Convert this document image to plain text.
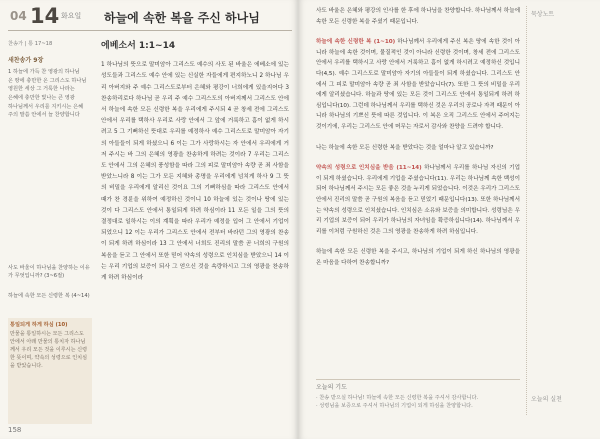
04 14 화요일 하늘에 속한 복을 주신 하나님

찬송가 | 통 17~18

새찬송가 9장

1 하늘에 가득 찬 영광의 하나님

온 땅에 충만한 온 그리스도 하나님

영원한 세상 그 거룩한 나라는

은혜에 충만한 빛나는 큰 영광

하나님께서 우리를 지키시는 은혜

주의 말씀 안에서 늘 찬양합니다

사도 바울이 하나님을 찬양하는 이유가 무엇입니까? (3~6절)
하늘에 속한 모든 신령한 복 (4~14)
통일되게 하게 하심 (10)
만물을 통일하시는 모든 그리스도 안에서 아래 만물의 통치자 하나님께서 우리 모든 것을 이루시는 신령한 뜻이며, 약속의 성령으로 인치심을 받았습니다.
158
에베소서 1:1~14

1 하나님의 뜻으로 말미암아 그리스도 예수의 사도 된 바울은 에베소에 있는 성도들과 그리스도 예수 안에 있는 신실한 자들에게 편지하노니 2 하나님 우리 아버지와 주 예수 그리스도로부터 은혜와 평강이 너희에게 있을지어다 3 찬송하리로다 하나님 곧 우리 주 예수 그리스도의 아버지께서 그리스도 안에서 하늘에 속한 모든 신령한 복을 우리에게 주시되 4 곧 창세 전에 그리스도 안에서 우리를 택하사 우리로 사랑 안에서 그 앞에 거룩하고 흠이 없게 하시려고 5 그 기뻐하신 뜻대로 우리를 예정하사 예수 그리스도로 말미암아 자기의 아들들이 되게 하셨으니 6 이는 그가 사랑하시는 자 안에서 우리에게 거저 주시는 바 그의 은혜의 영광을 찬송하게 하려는 것이라 7 우리는 그리스도 안에서 그의 은혜의 풍성함을 따라 그의 피로 말미암아 속량 곧 죄 사함을 받았느니라 8 이는 그가 모든 지혜와 총명을 우리에게 넘치게 하사 9 그 뜻의 비밀을 우리에게 알리신 것이요 그의 기뻐하심을 따라 그리스도 안에서 때가 찬 경륜을 위하여 예정하신 것이니 10 하늘에 있는 것이나 땅에 있는 것이 다 그리스도 안에서 통일되게 하려 하심이라 11 모든 일을 그의 뜻의 결정대로 일하시는 이의 계획을 따라 우리가 예정을 입어 그 안에서 기업이 되었으니 12 이는 우리가 그리스도 안에서 전부터 바라던 그의 영광의 찬송이 되게 하려 하심이라 13 그 안에서 너희도 진리의 말씀 곧 너희의 구원의 복음을 듣고 그 안에서 또한 믿어 약속의 성령으로 인치심을 받았으니 14 이는 우리 기업의 보증이 되사 그 얻으신 것을 속량하시고 그의 영광을 찬송하게 하려 하심이라

사도 바울은 은혜와 평강의 인사를 한 후에 하나님을 찬양합니다. 하나님께서 하늘에 속한 모든 신령한 복을 주셨기 때문입니다.

하늘에 속한 신령한 복 (1~10) 하나님께서 우리에게 주신 복은 땅에 속한 것이 아니라 하늘에 속한 것이며, 물질적인 것이 아니라 신령한 것이며, 창세 전에 그리스도 안에서 우리를 택하시고 사랑 안에서 거룩하고 흠이 없게 하시려고 예정하신 것입니다(4,5). 예수 그리스도로 말미암아 자기의 아들들이 되게 하셨습니다. 그리스도 안에서 그 피로 말미암아 속량 곧 죄 사함을 받았습니다(7). 또한 그 뜻의 비밀을 우리에게 알리셨습니다. 하늘과 땅에 있는 모든 것이 그리스도 안에서 통일되게 하려 하심입니다(10). 그런데 하나님께서 우리를 택하신 것은 우리의 공로나 자격 때문이 아니라 하나님의 기쁘신 뜻에 따른 것입니다. 이 복은 오직 그리스도 안에서 주어지는 것이기에, 우리는 그리스도 안에 머무는 자로서 감사와 찬양을 드려야 합니다.

나는 하늘에 속한 모든 신령한 복을 받았다는 것을 얼마나 알고 있습니까?

약속의 성령으로 인치심을 받음 (11~14) 하나님께서 우리를 하나님 자신의 기업이 되게 하셨습니다. 우리에게 기업을 주셨습니다(11). 우리는 하나님께 속한 백성이 되어 하나님께서 주시는 모든 좋은 것을 누리게 되었습니다. 이것은 우리가 그리스도 안에서 진리의 말씀 곧 구원의 복음을 듣고 믿었기 때문입니다(13). 또한 하나님께서는 약속의 성령으로 인치셨습니다. 인치심은 소유와 보증을 의미합니다. 성령님은 우리 기업의 보증이 되어 우리가 하나님의 자녀임을 확증하십니다(14). 하나님께서 우리를 이처럼 구원하신 것은 그의 영광을 찬송하게 하려 하심입니다.

하늘에 속한 모든 신령한 복을 주시고, 하나님의 기업이 되게 하신 하나님의 영광을 온 마음을 다하여 찬송합니까?

묵상노트
오늘의 실천
오늘의 기도
· 찬송 받으실 하나님! 하늘에 속한 모든 신령한 복을 주셔서 감사합니다.
· 성령님을 보증으로 주셔서 하나님의 기업이 되게 하심을 찬양합니다.
